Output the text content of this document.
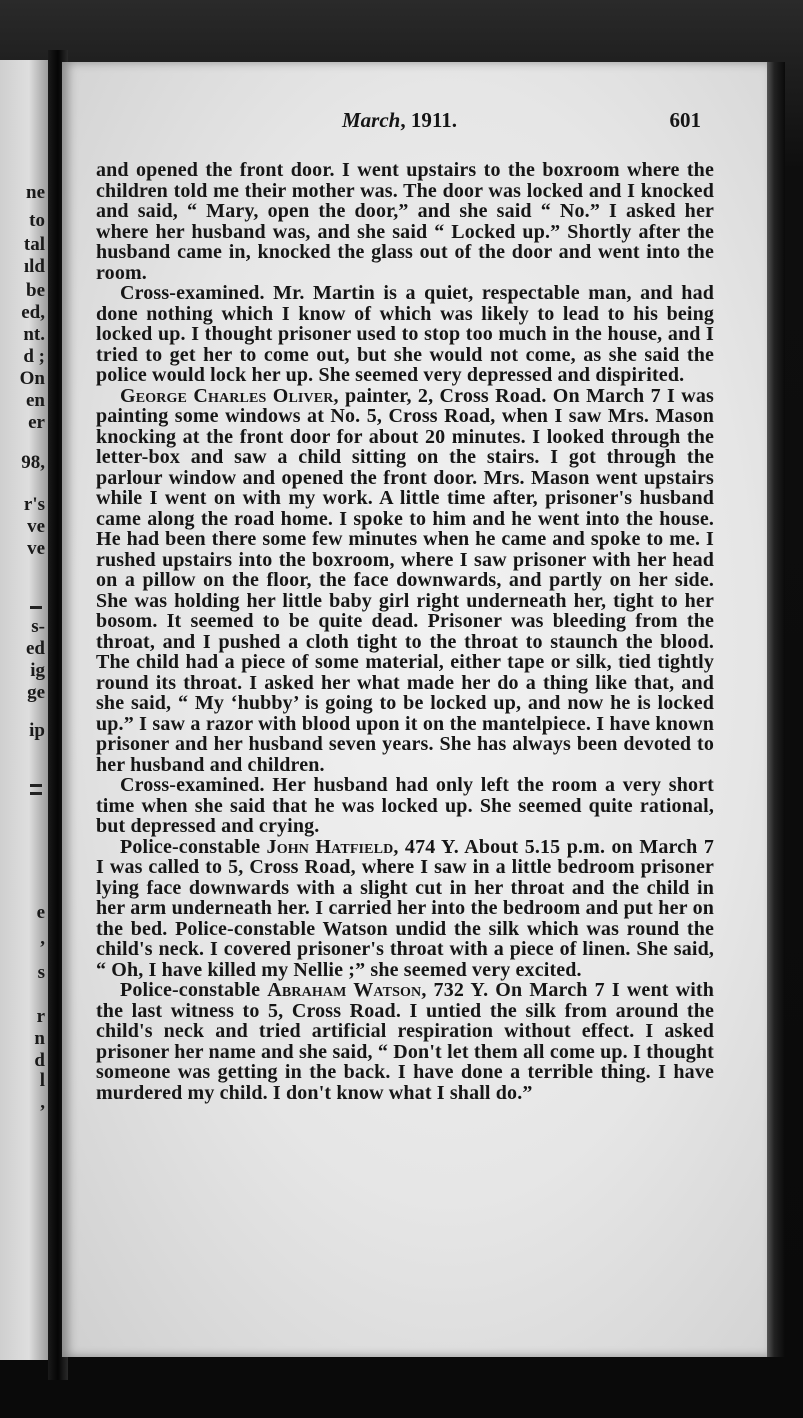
ne
to
tal
ıld
be
ed,
nt.
d ;
On
en
er
98,
r's
ve
ve
s-
ed
ig
ge
ip
e
,
s
r
n
d
l
,
March, 1911.	601

and opened the front door. I went upstairs to the boxroom where the children told me their mother was. The door was locked and I knocked and said, “ Mary, open the door,” and she said “ No.” I asked her where her husband was, and she said “ Locked up.” Shortly after the husband came in, knocked the glass out of the door and went into the room.

Cross-examined. Mr. Martin is a quiet, respectable man, and had done nothing which I know of which was likely to lead to his being locked up. I thought prisoner used to stop too much in the house, and I tried to get her to come out, but she would not come, as she said the police would lock her up. She seemed very depressed and dispirited.

George Charles Oliver, painter, 2, Cross Road. On March 7 I was painting some windows at No. 5, Cross Road, when I saw Mrs. Mason knocking at the front door for about 20 minutes. I looked through the letter-box and saw a child sitting on the stairs. I got through the parlour window and opened the front door. Mrs. Mason went upstairs while I went on with my work. A little time after, prisoner's husband came along the road home. I spoke to him and he went into the house. He had been there some few minutes when he came and spoke to me. I rushed upstairs into the boxroom, where I saw prisoner with her head on a pillow on the floor, the face downwards, and partly on her side. She was holding her little baby girl right underneath her, tight to her bosom. It seemed to be quite dead. Prisoner was bleeding from the throat, and I pushed a cloth tight to the throat to staunch the blood. The child had a piece of some material, either tape or silk, tied tightly round its throat. I asked her what made her do a thing like that, and she said, “ My ‘hubby’ is going to be locked up, and now he is locked up.” I saw a razor with blood upon it on the mantelpiece. I have known prisoner and her husband seven years. She has always been devoted to her husband and children.

Cross-examined. Her husband had only left the room a very short time when she said that he was locked up. She seemed quite rational, but depressed and crying.

Police-constable John Hatfield, 474 Y. About 5.15 p.m. on March 7 I was called to 5, Cross Road, where I saw in a little bedroom prisoner lying face downwards with a slight cut in her throat and the child in her arm underneath her. I carried her into the bedroom and put her on the bed. Police-constable Watson undid the silk which was round the child's neck. I covered prisoner's throat with a piece of linen. She said, “ Oh, I have killed my Nellie ;” she seemed very excited.

Police-constable Abraham Watson, 732 Y. On March 7 I went with the last witness to 5, Cross Road. I untied the silk from around the child's neck and tried artificial respiration without effect. I asked prisoner her name and she said, “ Don't let them all come up. I thought someone was getting in the back. I have done a terrible thing. I have murdered my child. I don't know what I shall do.”
